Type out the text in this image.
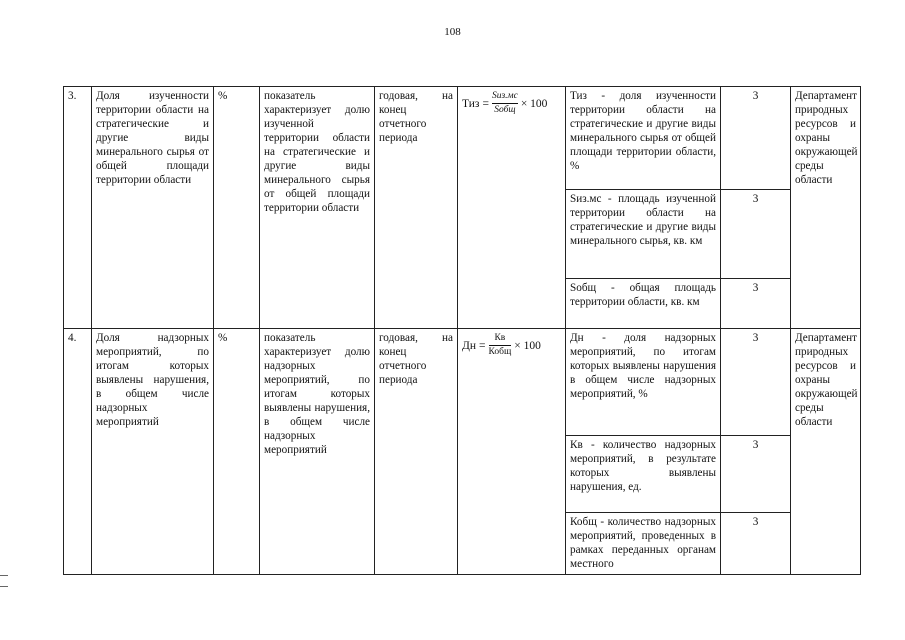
108
3.	Доля изученности территории области на стратегические и другие виды минерального сырья от общей площади территории области	%	показатель характеризует долю изученной территории области на стратегические и другие виды минерального сырья от общей площади территории области	годовая, на конец отчетного периода	Тиз = $\frac{\text{Sиз.мс}}{\text{Sобщ}} \times 100$	Тиз - доля изученности территории области на стратегические и другие виды минерального сырья от общей площади территории области, %	3	Департамент природных ресурсов и охраны окружающей среды области
						Sиз.мс - площадь изученной территории области на стратегические и другие виды минерального сырья, кв. км	3	
						Sобщ - общая площадь территории области, кв. км	3	
4.	Доля надзорных мероприятий, по итогам которых выявлены нарушения, в общем числе надзорных мероприятий	%	показатель характеризует долю надзорных мероприятий, по итогам которых выявлены нарушения, в общем числе надзорных мероприятий	годовая, на конец отчетного периода	Дн = $\frac{Кв}{\text{Кобщ}} \times 100$	Дн - доля надзорных мероприятий, по итогам которых выявлены нарушения в общем числе надзорных мероприятий, %	3	Департамент природных ресурсов и охраны окружающей среды области
						Кв - количество надзорных мероприятий, в результате которых выявлены нарушения, ед.	3	
						Кобщ - количество надзорных мероприятий, проведенных в рамках переданных органам местного	3	
